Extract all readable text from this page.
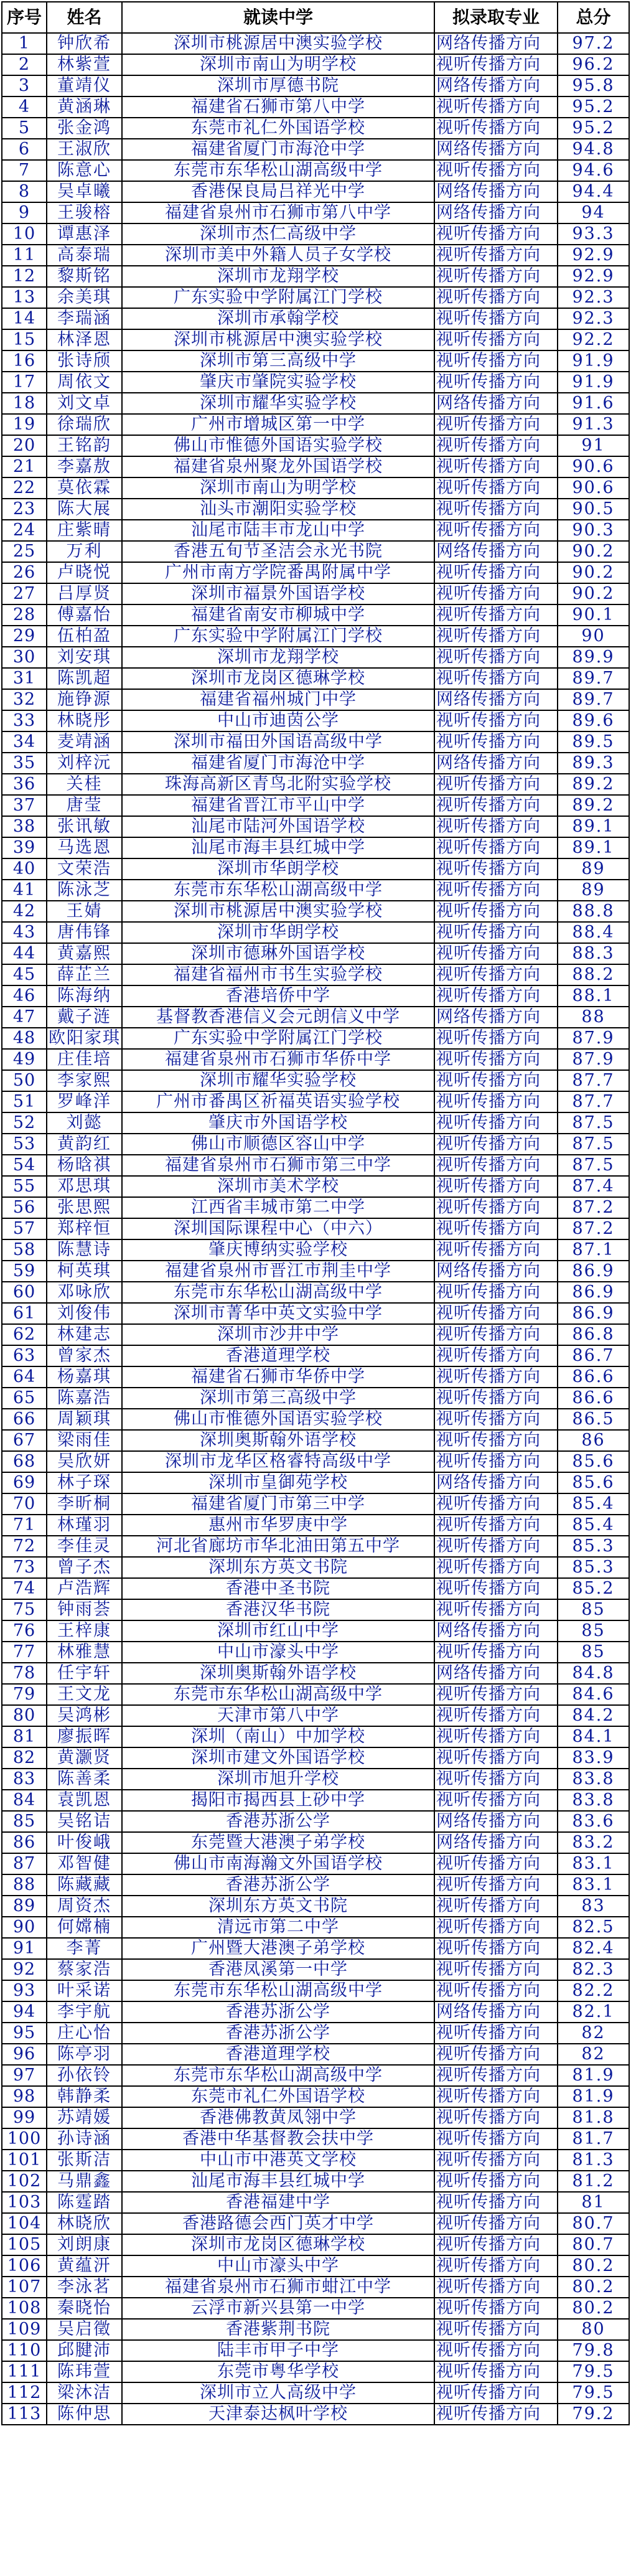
序号	姓名	就读中学	拟录取专业	总分
1	钟欣希	深圳市桃源居中澳实验学校	网络传播方向	97.2
2	林紫萱	深圳市南山为明学校	视听传播方向	96.2
3	董靖仪	深圳市厚德书院	网络传播方向	95.8
4	黄涵琳	福建省石狮市第八中学	视听传播方向	95.2
5	张金鸿	东莞市礼仁外国语学校	视听传播方向	95.2
6	王淑欣	福建省厦门市海沧中学	网络传播方向	94.8
7	陈意心	东莞市东华松山湖高级中学	视听传播方向	94.6
8	吴卓曦	香港保良局吕祥光中学	网络传播方向	94.4
9	王骏榕	福建省泉州市石狮市第八中学	网络传播方向	94
10	谭惠泽	深圳市杰仁高级中学	视听传播方向	93.3
11	高泰瑞	深圳市美中外籍人员子女学校	视听传播方向	92.9
12	黎斯铭	深圳市龙翔学校	视听传播方向	92.9
13	余美琪	广东实验中学附属江门学校	视听传播方向	92.3
14	李瑞涵	深圳市承翰学校	视听传播方向	92.3
15	林泽恩	深圳市桃源居中澳实验学校	视听传播方向	92.2
16	张诗颀	深圳市第三高级中学	视听传播方向	91.9
17	周依文	肇庆市肇院实验学校	视听传播方向	91.9
18	刘文卓	深圳市耀华实验学校	网络传播方向	91.6
19	徐瑞欣	广州市增城区第一中学	视听传播方向	91.3
20	王铭韵	佛山市惟德外国语实验学校	视听传播方向	91
21	李嘉敖	福建省泉州聚龙外国语学校	视听传播方向	90.6
22	莫依霖	深圳市南山为明学校	视听传播方向	90.6
23	陈大展	汕头市潮阳实验学校	视听传播方向	90.5
24	庄紫晴	汕尾市陆丰市龙山中学	视听传播方向	90.3
25	万利	香港五旬节圣洁会永光书院	网络传播方向	90.2
26	卢晓悦	广州市南方学院番禺附属中学	视听传播方向	90.2
27	吕厚贤	深圳市福景外国语学校	视听传播方向	90.2
28	傅嘉怡	福建省南安市柳城中学	视听传播方向	90.1
29	伍柏盈	广东实验中学附属江门学校	视听传播方向	90
30	刘安琪	深圳市龙翔学校	视听传播方向	89.9
31	陈凯超	深圳市龙岗区德琳学校	视听传播方向	89.7
32	施铮源	福建省福州城门中学	网络传播方向	89.7
33	林晓彤	中山市迪茵公学	视听传播方向	89.6
34	麦靖涵	深圳市福田外国语高级中学	视听传播方向	89.5
35	刘梓沅	福建省厦门市海沧中学	网络传播方向	89.3
36	关桂	珠海高新区青鸟北附实验学校	视听传播方向	89.2
37	唐莹	福建省晋江市平山中学	视听传播方向	89.2
38	张讯敏	汕尾市陆河外国语学校	视听传播方向	89.1
39	马选恩	汕尾市海丰县红城中学	视听传播方向	89.1
40	文荣浩	深圳市华朗学校	视听传播方向	89
41	陈泳芝	东莞市东华松山湖高级中学	视听传播方向	89
42	王婧	深圳市桃源居中澳实验学校	视听传播方向	88.8
43	唐伟锋	深圳市华朗学校	视听传播方向	88.4
44	黄嘉熙	深圳市德琳外国语学校	视听传播方向	88.3
45	薛芷兰	福建省福州市书生实验学校	视听传播方向	88.2
46	陈海纳	香港培侨中学	视听传播方向	88.1
47	戴子涟	基督教香港信义会元朗信义中学	网络传播方向	88
48	欧阳家琪	广东实验中学附属江门学校	视听传播方向	87.9
49	庄佳培	福建省泉州市石狮市华侨中学	视听传播方向	87.9
50	李家熙	深圳市耀华实验学校	视听传播方向	87.7
51	罗峰洋	广州市番禺区祈福英语实验学校	视听传播方向	87.7
52	刘懿	肇庆市外国语学校	视听传播方向	87.5
53	黄韵红	佛山市顺德区容山中学	视听传播方向	87.5
54	杨晗祺	福建省泉州市石狮市第三中学	视听传播方向	87.5
55	邓思琪	深圳市美术学校	视听传播方向	87.4
56	张思熙	江西省丰城市第二中学	视听传播方向	87.2
57	郑梓恒	深圳国际课程中心（中六）	视听传播方向	87.2
58	陈慧诗	肇庆博纳实验学校	视听传播方向	87.1
59	柯英琪	福建省泉州市晋江市荆圭中学	网络传播方向	86.9
60	邓咏欣	东莞市东华松山湖高级中学	视听传播方向	86.9
61	刘俊伟	深圳市菁华中英文实验中学	视听传播方向	86.9
62	林建志	深圳市沙井中学	视听传播方向	86.8
63	曾家杰	香港道理学校	视听传播方向	86.7
64	杨嘉琪	福建省石狮市华侨中学	视听传播方向	86.6
65	陈嘉浩	深圳市第三高级中学	视听传播方向	86.6
66	周颖琪	佛山市惟德外国语实验学校	视听传播方向	86.5
67	梁雨佳	深圳奥斯翰外语学校	视听传播方向	86
68	吴欣妍	深圳市龙华区格睿特高级中学	视听传播方向	85.6
69	林子琛	深圳市皇御苑学校	网络传播方向	85.6
70	李昕桐	福建省厦门市第三中学	视听传播方向	85.4
71	林瑾羽	惠州市华罗庚中学	视听传播方向	85.4
72	李佳灵	河北省廊坊市华北油田第五中学	视听传播方向	85.3
73	曾子杰	深圳东方英文书院	视听传播方向	85.3
74	卢浩辉	香港中圣书院	视听传播方向	85.2
75	钟雨荟	香港汉华书院	视听传播方向	85
76	王梓康	深圳市红山中学	网络传播方向	85
77	林雅慧	中山市濠头中学	视听传播方向	85
78	任宇轩	深圳奥斯翰外语学校	网络传播方向	84.8
79	王文龙	东莞市东华松山湖高级中学	视听传播方向	84.6
80	吴鸿彬	天津市第八中学	视听传播方向	84.2
81	廖振晖	深圳（南山）中加学校	视听传播方向	84.1
82	黄灏贤	深圳市建文外国语学校	视听传播方向	83.9
83	陈善柔	深圳市旭升学校	视听传播方向	83.8
84	袁凯恩	揭阳市揭西县上砂中学	视听传播方向	83.8
85	吴铭诘	香港苏浙公学	网络传播方向	83.6
86	叶俊峨	东莞暨大港澳子弟学校	网络传播方向	83.2
87	邓智健	佛山市南海瀚文外国语学校	视听传播方向	83.1
88	陈藏藏	香港苏浙公学	视听传播方向	83.1
89	周资杰	深圳东方英文书院	视听传播方向	83
90	何嫦楠	清远市第二中学	视听传播方向	82.5
91	李菁	广州暨大港澳子弟学校	视听传播方向	82.4
92	蔡家浩	香港凤溪第一中学	视听传播方向	82.3
93	叶采诺	东莞市东华松山湖高级中学	视听传播方向	82.2
94	李宇航	香港苏浙公学	网络传播方向	82.1
95	庄心怡	香港苏浙公学	视听传播方向	82
96	陈亭羽	香港道理学校	视听传播方向	82
97	孙依铃	东莞市东华松山湖高级中学	视听传播方向	81.9
98	韩静柔	东莞市礼仁外国语学校	视听传播方向	81.9
99	苏靖媛	香港佛教黄凤翎中学	视听传播方向	81.8
100	孙诗涵	香港中华基督教会扶中学	视听传播方向	81.7
101	张斯洁	中山市中港英文学校	视听传播方向	81.3
102	马鼎鑫	汕尾市海丰县红城中学	视听传播方向	81.2
103	陈霆踏	香港福建中学	视听传播方向	81
104	林晓欣	香港路德会西门英才中学	视听传播方向	80.7
105	刘朗康	深圳市龙岗区德琳学校	视听传播方向	80.7
106	黄蕴汧	中山市濠头中学	视听传播方向	80.2
107	李泳茗	福建省泉州市石狮市蚶江中学	视听传播方向	80.2
108	秦晓怡	云浮市新兴县第一中学	视听传播方向	80.2
109	吴启徵	香港紫荆书院	视听传播方向	80
110	邱腱沛	陆丰市甲子中学	视听传播方向	79.8
111	陈玮萱	东莞市粤华学校	视听传播方向	79.5
112	梁沐洁	深圳市立人高级中学	视听传播方向	79.5
113	陈仲思	天津泰达枫叶学校	视听传播方向	79.2
